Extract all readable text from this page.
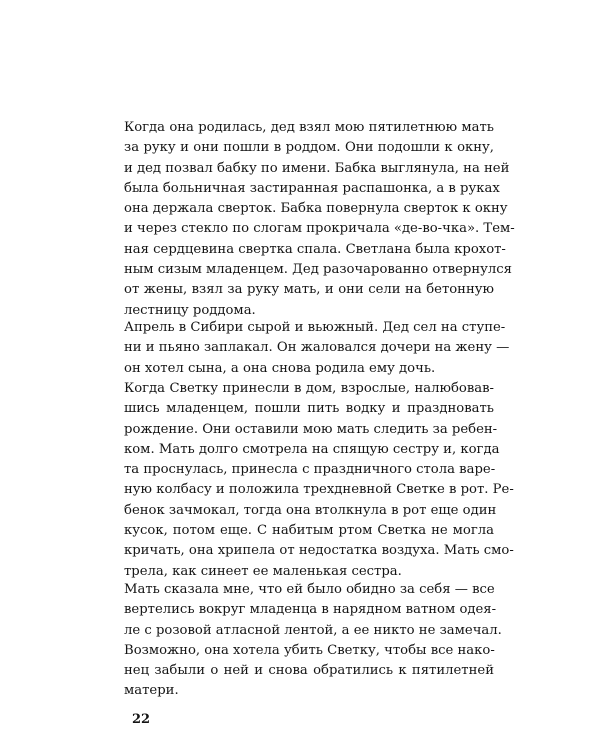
Когда она родилась, дед взял мою пятилетнюю мать
за руку и они пошли в роддом. Они подошли к окну,
и дед позвал бабку по имени. Бабка выглянула, на ней
была больничная застиранная распашонка, а в руках
она держала сверток. Бабка повернула сверток к окну
и через стекло по слогам прокричала «де-во-чка». Тем-
ная сердцевина свертка спала. Светлана была крохот-
ным сизым младенцем. Дед разочарованно отвернулся
от жены, взял за руку мать, и они сели на бетонную
лестницу роддома.
Апрель в Сибири сырой и вьюжный. Дед сел на ступе-
ни и пьяно заплакал. Он жаловался дочери на жену —
он хотел сына, а она снова родила ему дочь.
Когда Светку принесли в дом, взрослые, налюбовав-
шись младенцем, пошли пить водку и праздновать
рождение. Они оставили мою мать следить за ребен-
ком. Мать долго смотрела на спящую сестру и, когда
та проснулась, принесла с праздничного стола варе-
ную колбасу и положила трехдневной Светке в рот. Ре-
бенок зачмокал, тогда она втолкнула в рот еще один
кусок, потом еще. С набитым ртом Светка не могла
кричать, она хрипела от недостатка воздуха. Мать смо-
трела, как синеет ее маленькая сестра.
Мать сказала мне, что ей было обидно за себя — все
вертелись вокруг младенца в нарядном ватном одея-
ле с розовой атласной лентой, а ее никто не замечал.
Возможно, она хотела убить Светку, чтобы все нако-
нец забыли о ней и снова обратились к пятилетней
матери.
22
